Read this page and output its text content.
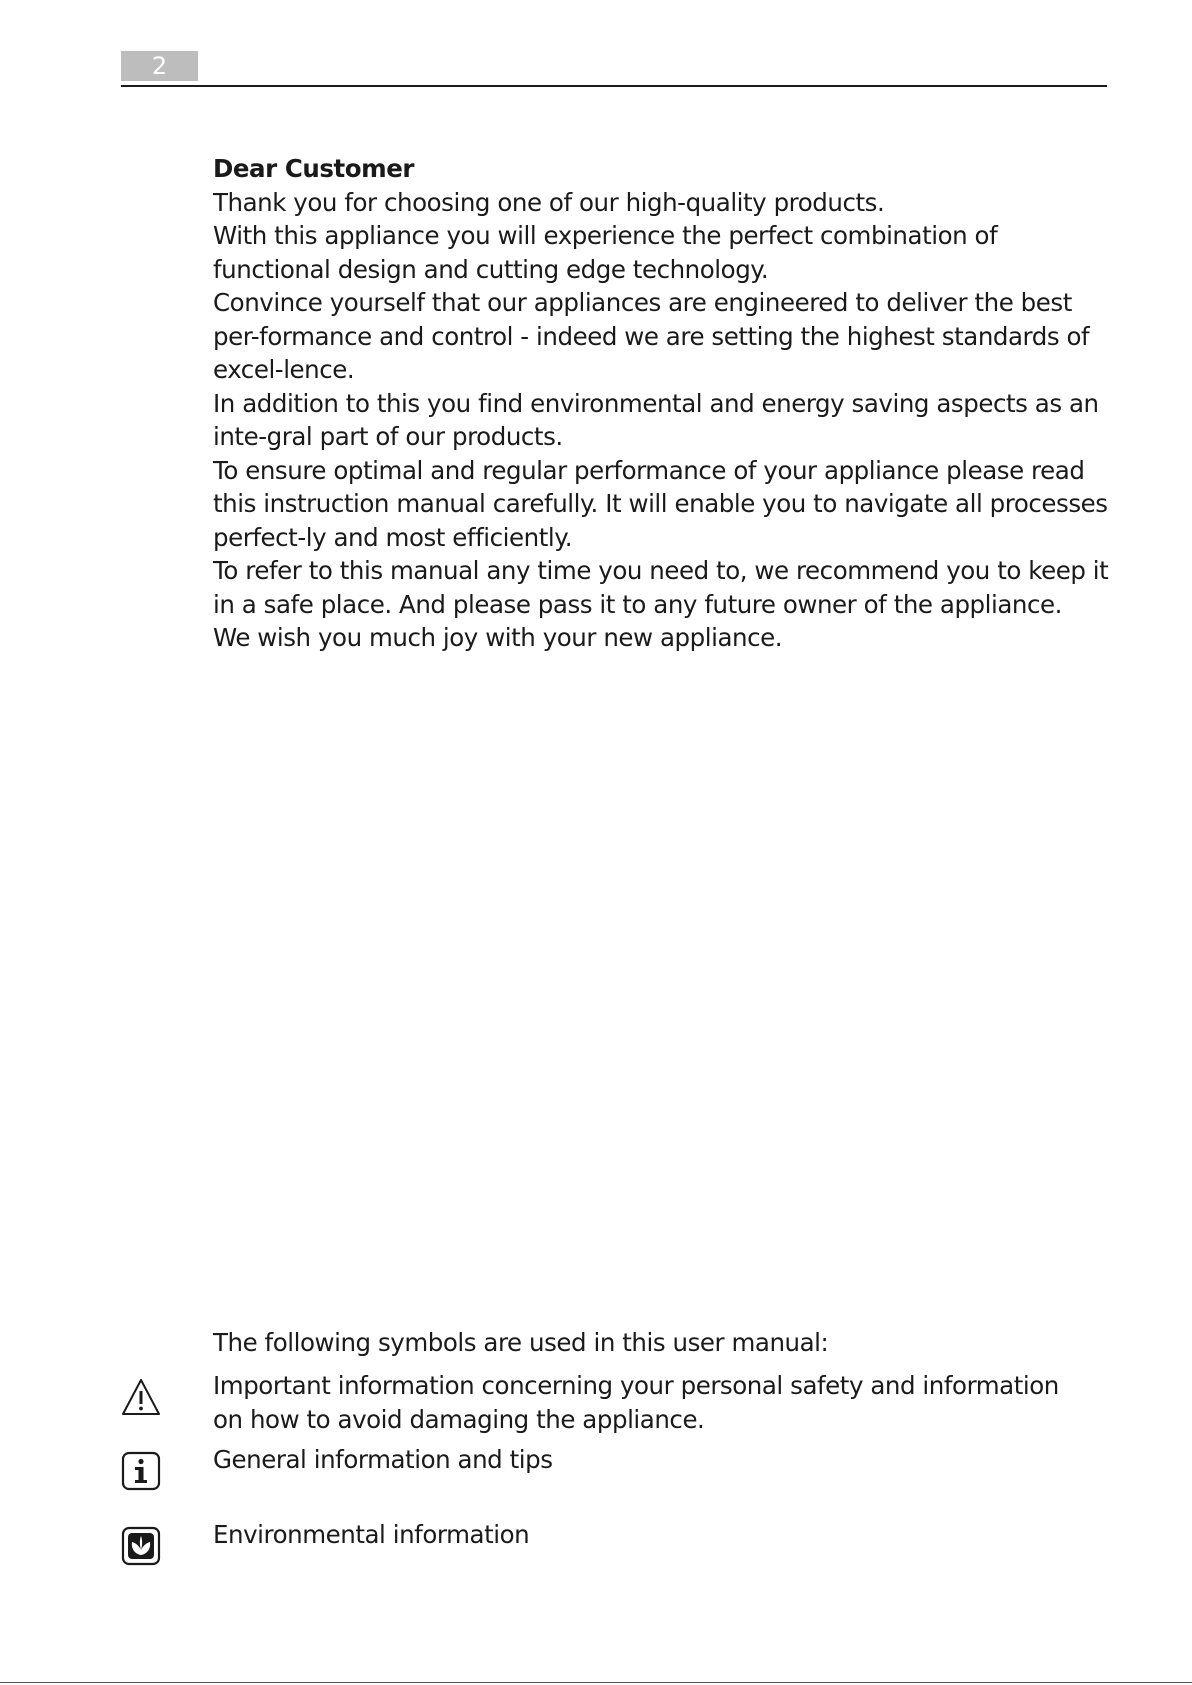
2

Dear Customer

Thank you for choosing one of our high-quality products.

With this appliance you will experience the perfect combination of functional design and cutting edge technology.

Convince yourself that our appliances are engineered to deliver the best per-formance and control - indeed we are setting the highest standards of excel-lence.

In addition to this you find environmental and energy saving aspects as an inte-gral part of our products.

To ensure optimal and regular performance of your appliance please read this instruction manual carefully. It will enable you to navigate all processes perfect-ly and most efficiently.

To refer to this manual any time you need to, we recommend you to keep it in a safe place. And please pass it to any future owner of the appliance.

We wish you much joy with your new appliance.

The following symbols are used in this user manual:
Important information concerning your personal safety and information on how to avoid damaging the appliance.
General information and tips
Environmental information
